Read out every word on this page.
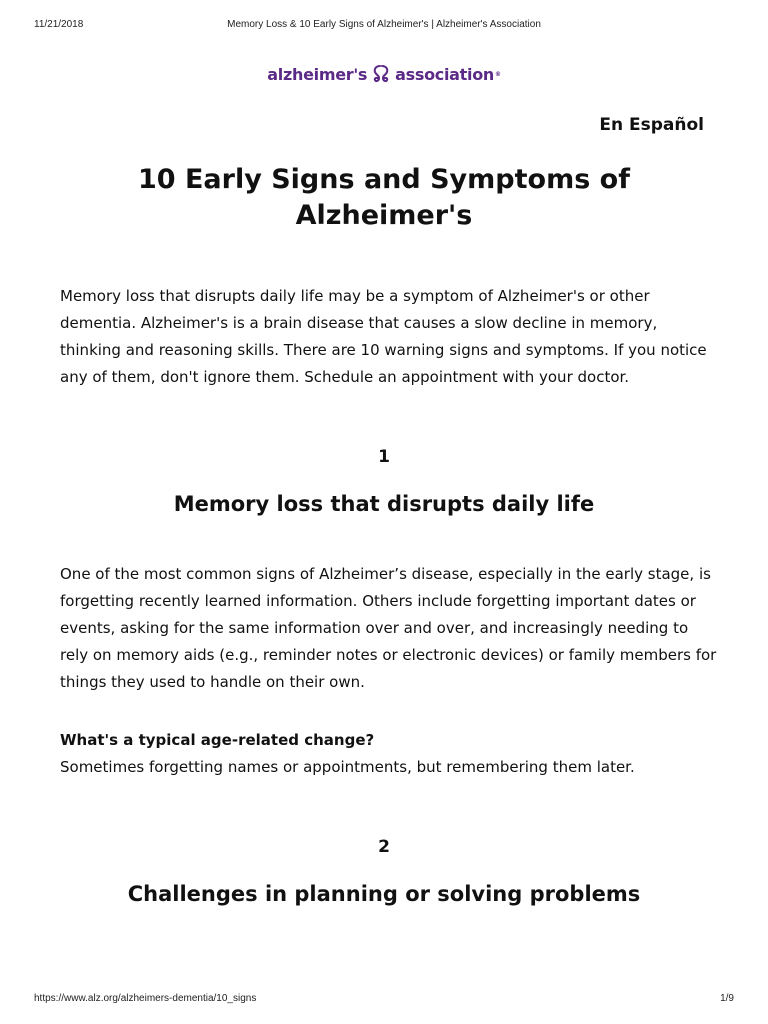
11/21/2018	Memory Loss & 10 Early Signs of Alzheimer's | Alzheimer's Association
alzheimer's association ®
En Español
10 Early Signs and Symptoms of Alzheimer's

Memory loss that disrupts daily life may be a symptom of Alzheimer's or other dementia. Alzheimer's is a brain disease that causes a slow decline in memory, thinking and reasoning skills. There are 10 warning signs and symptoms. If you notice any of them, don't ignore them. Schedule an appointment with your doctor.

1
Memory loss that disrupts daily life

One of the most common signs of Alzheimer’s disease, especially in the early stage, is forgetting recently learned information. Others include forgetting important dates or events, asking for the same information over and over, and increasingly needing to rely on memory aids (e.g., reminder notes or electronic devices) or family members for things they used to handle on their own.

What's a typical age-related change?

Sometimes forgetting names or appointments, but remembering them later.

2
Challenges in planning or solving problems
https://www.alz.org/alzheimers-dementia/10_signs	1/9
